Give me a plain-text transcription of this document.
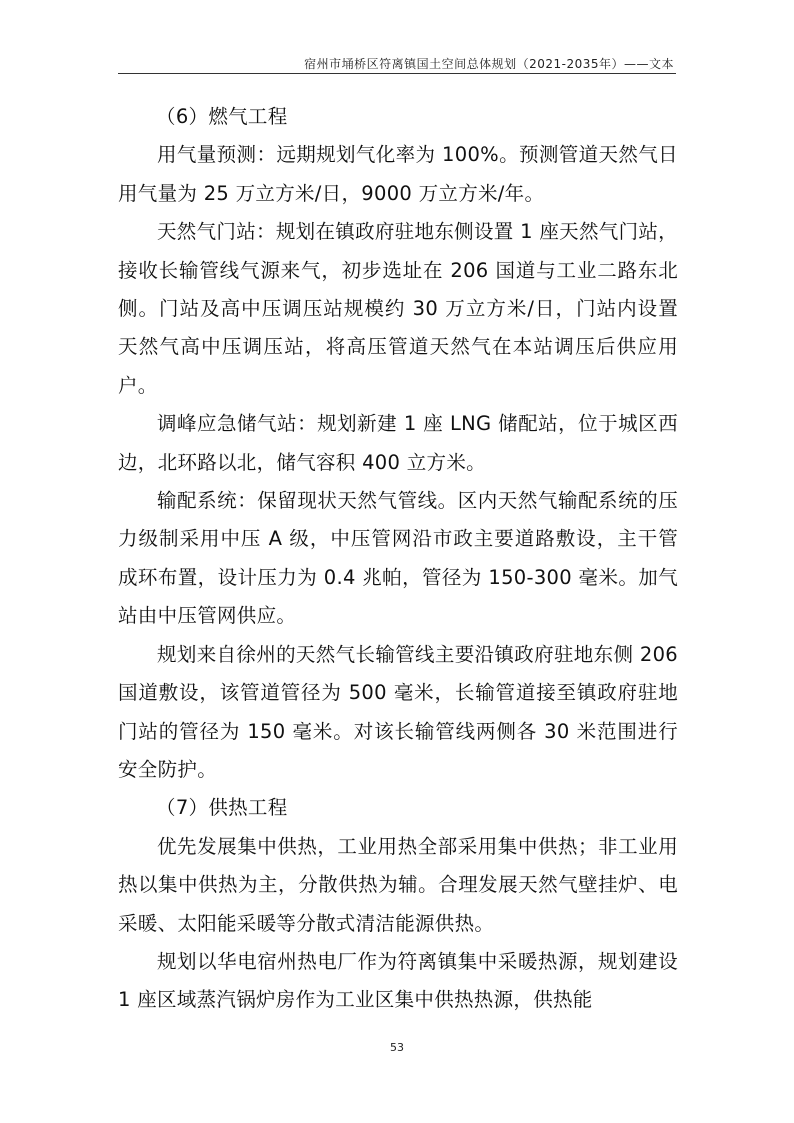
宿州市埇桥区符离镇国土空间总体规划（2021-2035年）——文本

（6）燃气工程

用气量预测：远期规划气化率为 100%。预测管道天然气日用气量为 25 万立方米/日，9000 万立方米/年。

天然气门站：规划在镇政府驻地东侧设置 1 座天然气门站，接收长输管线气源来气，初步选址在 206 国道与工业二路东北侧。门站及高中压调压站规模约 30 万立方米/日，门站内设置天然气高中压调压站，将高压管道天然气在本站调压后供应用户。

调峰应急储气站：规划新建 1 座 LNG 储配站，位于城区西边，北环路以北，储气容积 400 立方米。

输配系统：保留现状天然气管线。区内天然气输配系统的压力级制采用中压 A 级，中压管网沿市政主要道路敷设，主干管成环布置，设计压力为 0.4 兆帕，管径为 150-300 毫米。加气站由中压管网供应。

规划来自徐州的天然气长输管线主要沿镇政府驻地东侧 206 国道敷设，该管道管径为 500 毫米，长输管道接至镇政府驻地门站的管径为 150 毫米。对该长输管线两侧各 30 米范围进行安全防护。

（7）供热工程

优先发展集中供热，工业用热全部采用集中供热；非工业用热以集中供热为主，分散供热为辅。合理发展天然气壁挂炉、电采暖、太阳能采暖等分散式清洁能源供热。

规划以华电宿州热电厂作为符离镇集中采暖热源，规划建设 1 座区域蒸汽锅炉房作为工业区集中供热热源，供热能

53
